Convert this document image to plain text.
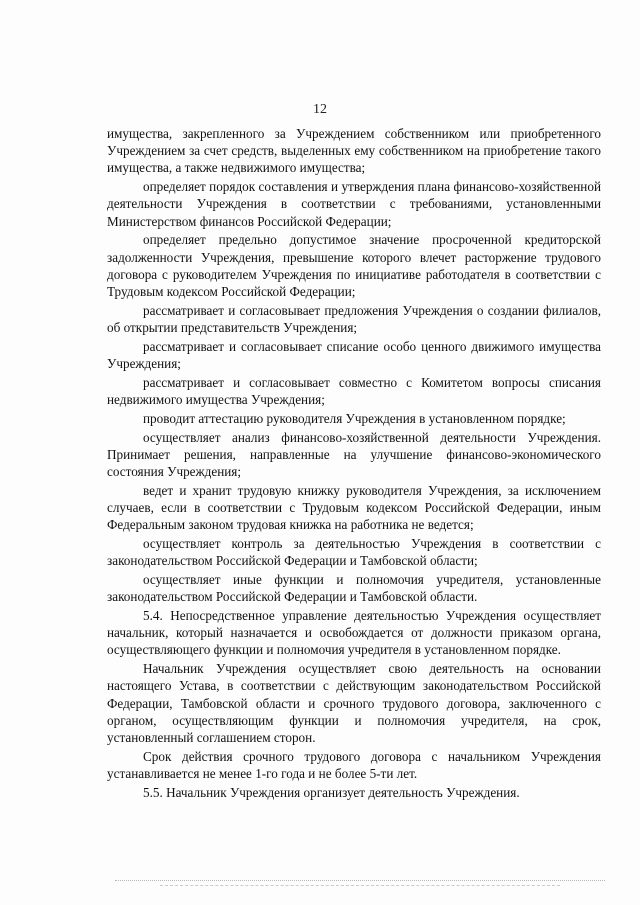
12

имущества, закрепленного за Учреждением собственником или приобретенного Учреждением за счет средств, выделенных ему собственником на приобретение такого имущества, а также недвижимого имущества;

определяет порядок составления и утверждения плана финансово-хозяйственной деятельности Учреждения в соответствии с требованиями, установленными Министерством финансов Российской Федерации;

определяет предельно допустимое значение просроченной кредиторской задолженности Учреждения, превышение которого влечет расторжение трудового договора с руководителем Учреждения по инициативе работодателя в соответствии с Трудовым кодексом Российской Федерации;

рассматривает и согласовывает предложения Учреждения о создании филиалов, об открытии представительств Учреждения;

рассматривает и согласовывает списание особо ценного движимого имущества Учреждения;

рассматривает и согласовывает совместно с Комитетом вопросы списания недвижимого имущества Учреждения;

проводит аттестацию руководителя Учреждения в установленном порядке;

осуществляет анализ финансово-хозяйственной деятельности Учреждения. Принимает решения, направленные на улучшение финансово-экономического состояния Учреждения;

ведет и хранит трудовую книжку руководителя Учреждения, за исключением случаев, если в соответствии с Трудовым кодексом Российской Федерации, иным Федеральным законом трудовая книжка на работника не ведется;

осуществляет контроль за деятельностью Учреждения в соответствии с законодательством Российской Федерации и Тамбовской области;

осуществляет иные функции и полномочия учредителя, установленные законодательством Российской Федерации и Тамбовской области.

5.4. Непосредственное управление деятельностью Учреждения осуществляет начальник, который назначается и освобождается от должности приказом органа, осуществляющего функции и полномочия учредителя в установленном порядке.

Начальник Учреждения осуществляет свою деятельность на основании настоящего Устава, в соответствии с действующим законодательством Российской Федерации, Тамбовской области и срочного трудового договора, заключенного с органом, осуществляющим функции и полномочия учредителя, на срок, установленный соглашением сторон.

Срок действия срочного трудового договора с начальником Учреждения устанавливается не менее 1-го года и не более 5-ти лет.

5.5. Начальник Учреждения организует деятельность Учреждения.
